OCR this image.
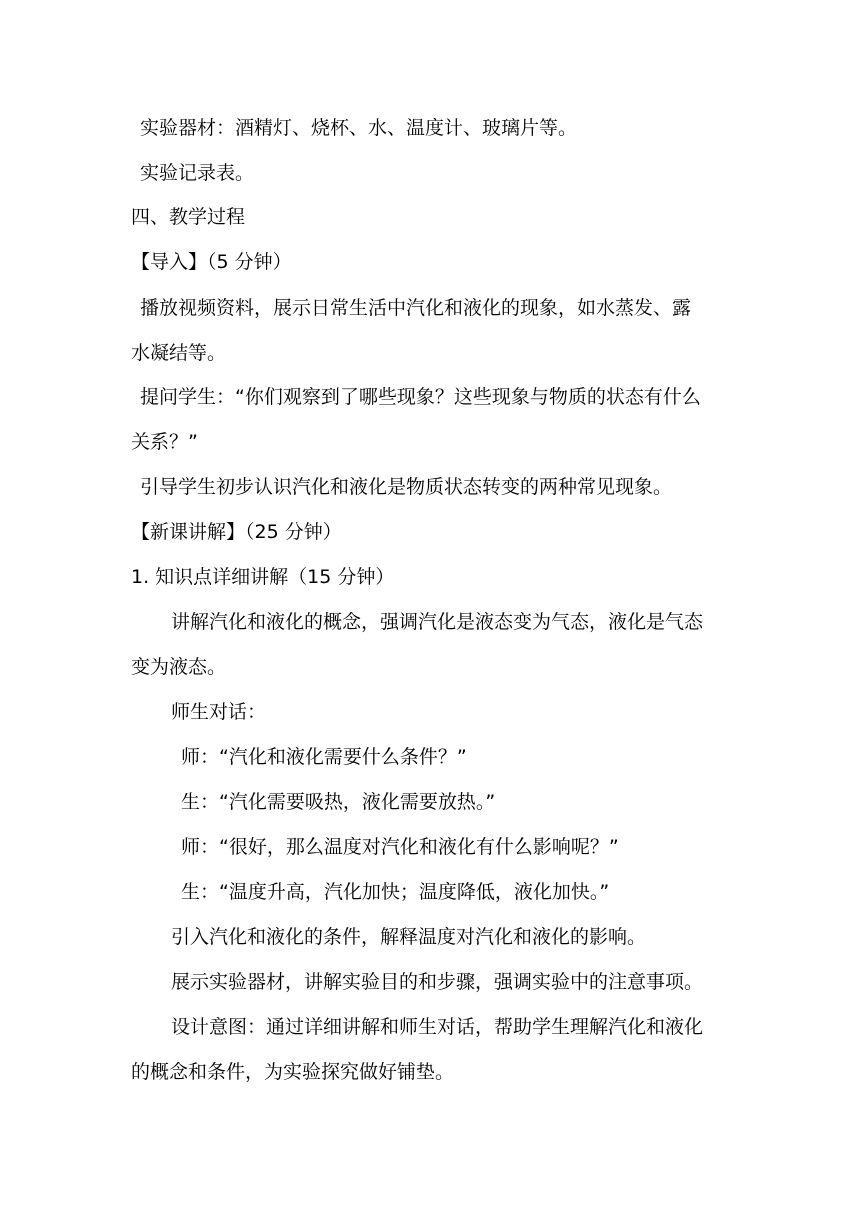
实验器材：酒精灯、烧杯、水、温度计、玻璃片等。
实验记录表。
四、教学过程
【导入】（5 分钟）
播放视频资料，展示日常生活中汽化和液化的现象，如水蒸发、露
水凝结等。
提问学生：“你们观察到了哪些现象？这些现象与物质的状态有什么
关系？”
引导学生初步认识汽化和液化是物质状态转变的两种常见现象。
【新课讲解】（25 分钟）
1. 知识点详细讲解（15 分钟）
讲解汽化和液化的概念，强调汽化是液态变为气态，液化是气态
变为液态。
师生对话：
师：“汽化和液化需要什么条件？”
生：“汽化需要吸热，液化需要放热。”
师：“很好，那么温度对汽化和液化有什么影响呢？”
生：“温度升高，汽化加快；温度降低，液化加快。”
引入汽化和液化的条件，解释温度对汽化和液化的影响。
展示实验器材，讲解实验目的和步骤，强调实验中的注意事项。
设计意图：通过详细讲解和师生对话，帮助学生理解汽化和液化
的概念和条件，为实验探究做好铺垫。
